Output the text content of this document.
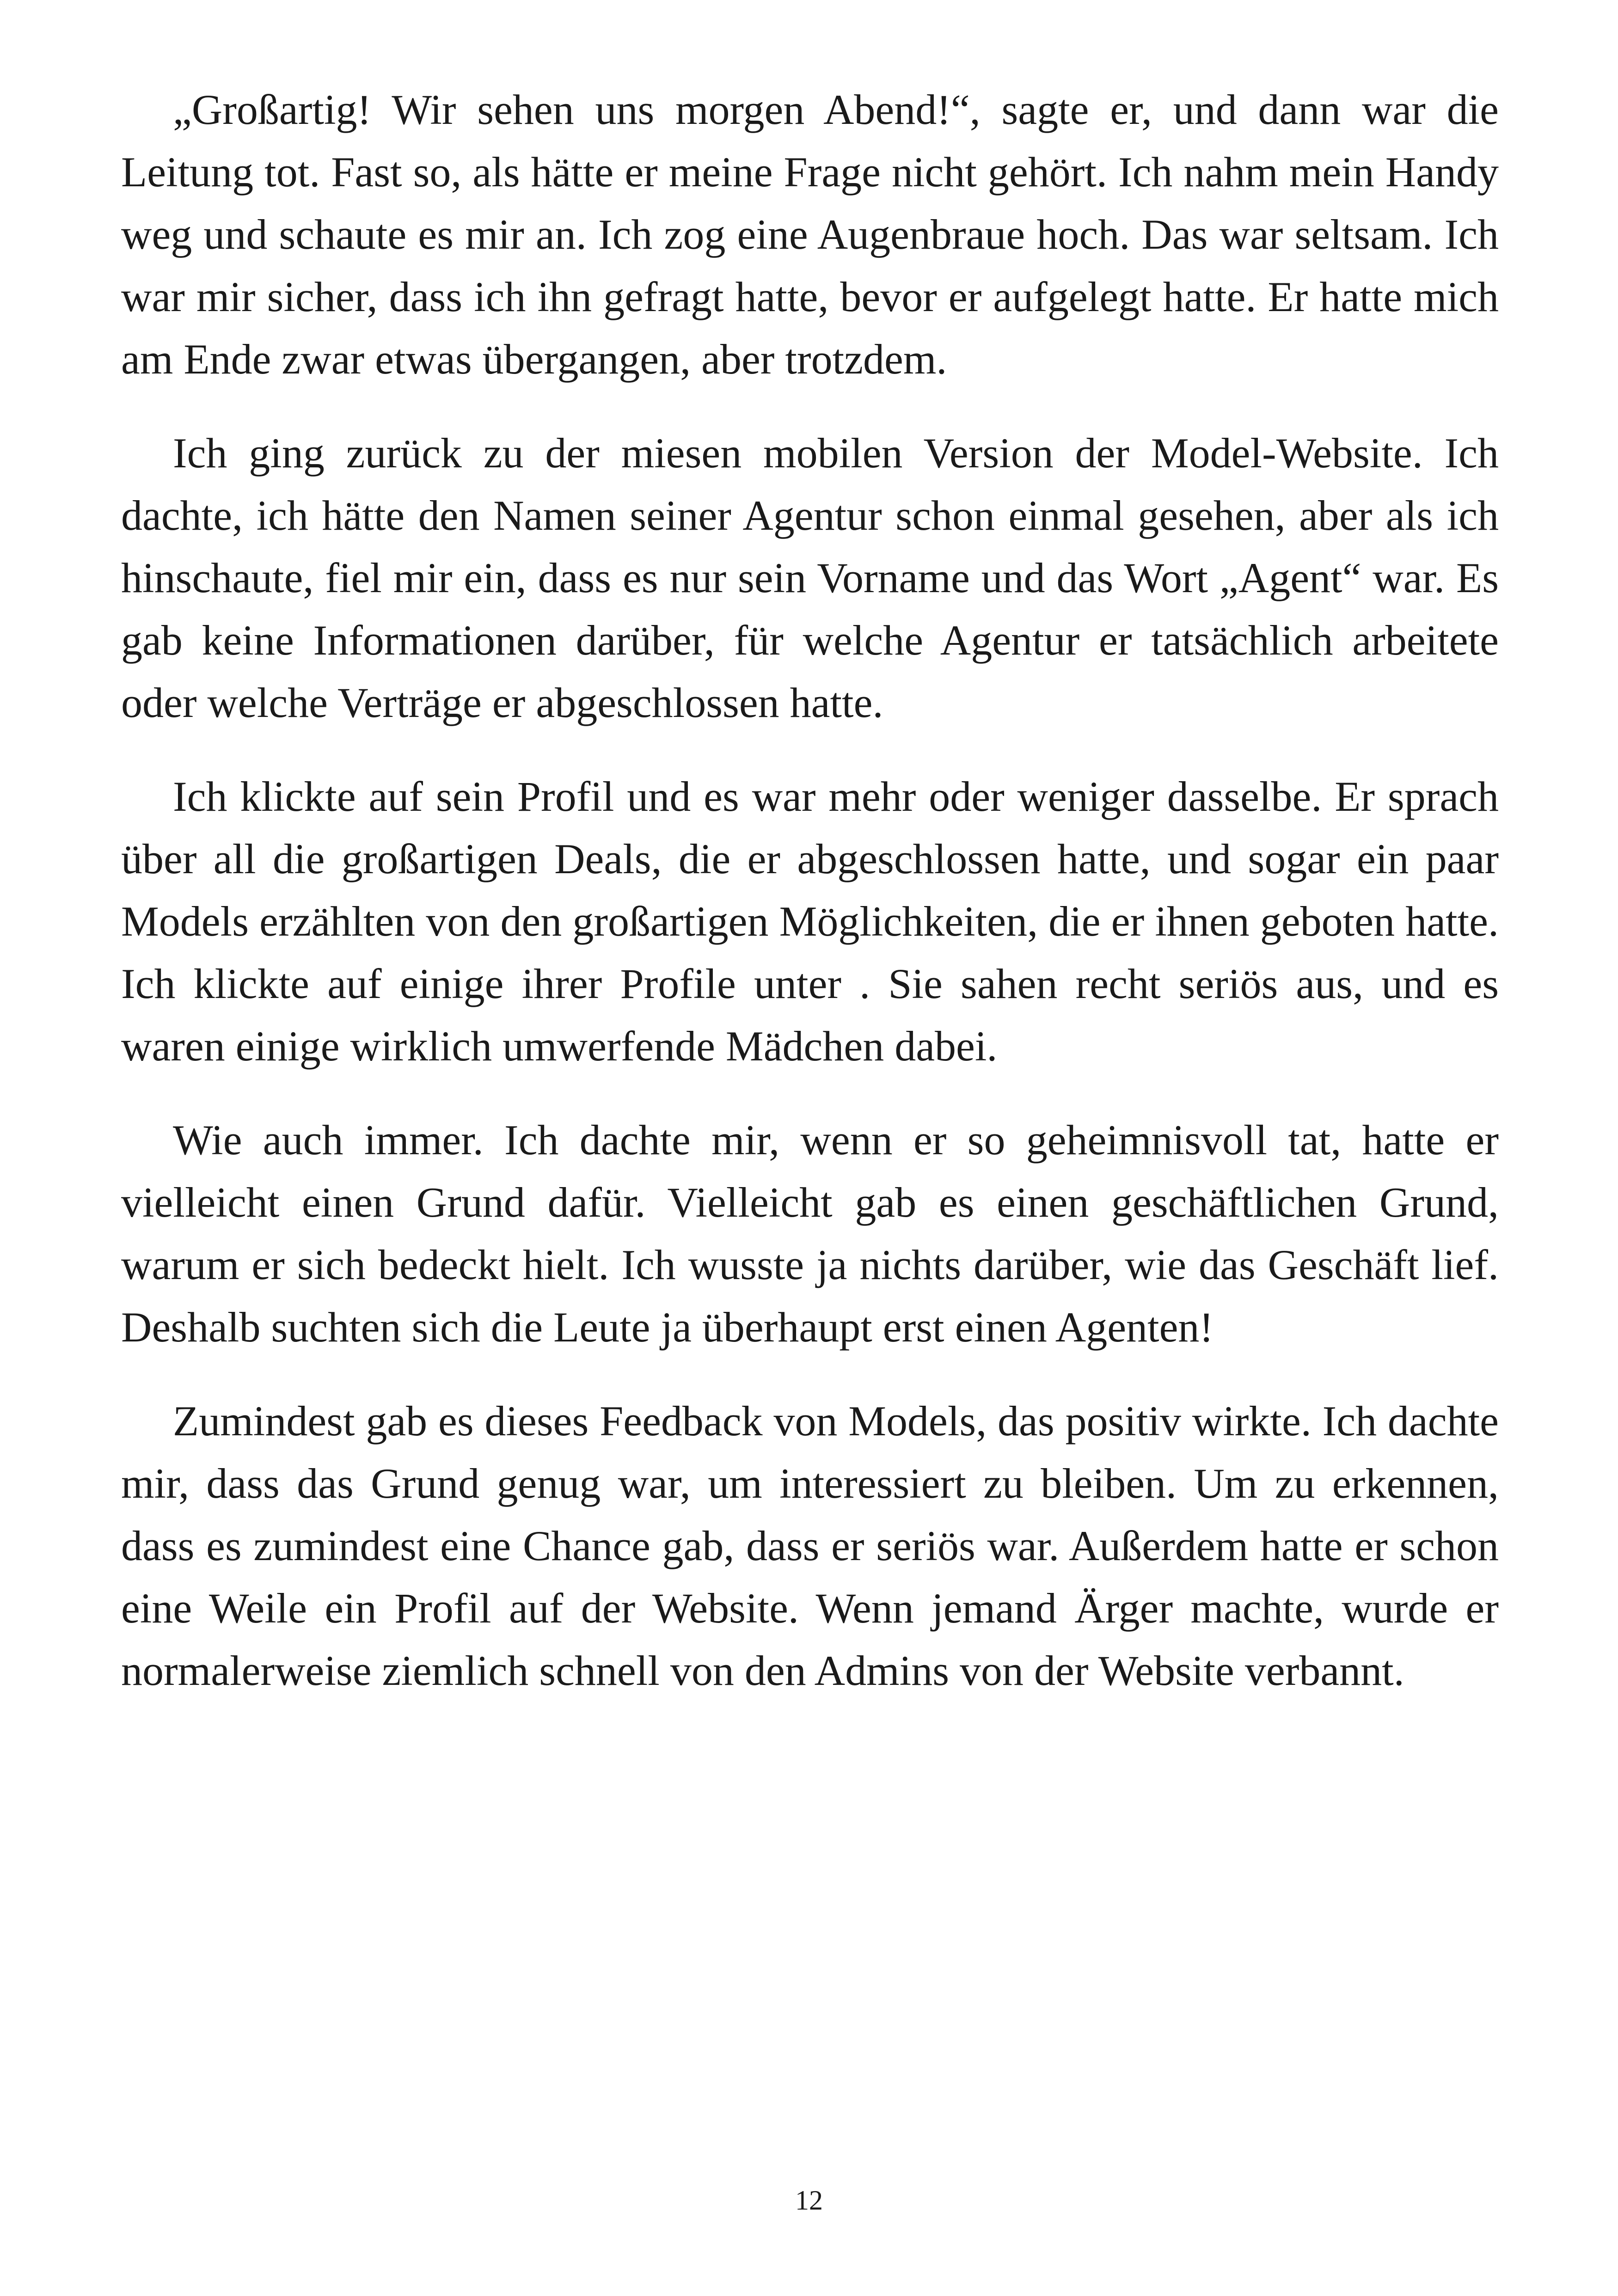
„Großartig! Wir sehen uns morgen Abend!“, sagte er, und dann war die Leitung tot. Fast so, als hätte er meine Frage nicht gehört. Ich nahm mein Handy weg und schaute es mir an. Ich zog eine Augenbraue hoch. Das war seltsam. Ich war mir sicher, dass ich ihn gefragt hatte, bevor er aufgelegt hatte. Er hatte mich am Ende zwar etwas übergangen, aber trotzdem.

Ich ging zurück zu der miesen mobilen Version der Model-Website. Ich dachte, ich hätte den Namen seiner Agentur schon einmal gesehen, aber als ich hinschaute, fiel mir ein, dass es nur sein Vorname und das Wort „Agent“ war. Es gab keine Informationen darüber, für welche Agentur er tatsächlich arbeitete oder welche Verträge er abgeschlossen hatte.

Ich klickte auf sein Profil und es war mehr oder weniger dasselbe. Er sprach über all die großartigen Deals, die er abgeschlossen hatte, und sogar ein paar Models erzählten von den großartigen Möglichkeiten, die er ihnen geboten hatte. Ich klickte auf einige ihrer Profile unter . Sie sahen recht seriös aus, und es waren einige wirklich umwerfende Mädchen dabei.

Wie auch immer. Ich dachte mir, wenn er so geheimnisvoll tat, hatte er vielleicht einen Grund dafür. Vielleicht gab es einen geschäftlichen Grund, warum er sich bedeckt hielt. Ich wusste ja nichts darüber, wie das Geschäft lief. Deshalb suchten sich die Leute ja überhaupt erst einen Agenten!

Zumindest gab es dieses Feedback von Models, das positiv wirkte. Ich dachte mir, dass das Grund genug war, um interessiert zu bleiben. Um zu erkennen, dass es zumindest eine Chance gab, dass er seriös war. Außerdem hatte er schon eine Weile ein Profil auf der Website. Wenn jemand Ärger machte, wurde er normalerweise ziemlich schnell von den Admins von der Website verbannt.

12
